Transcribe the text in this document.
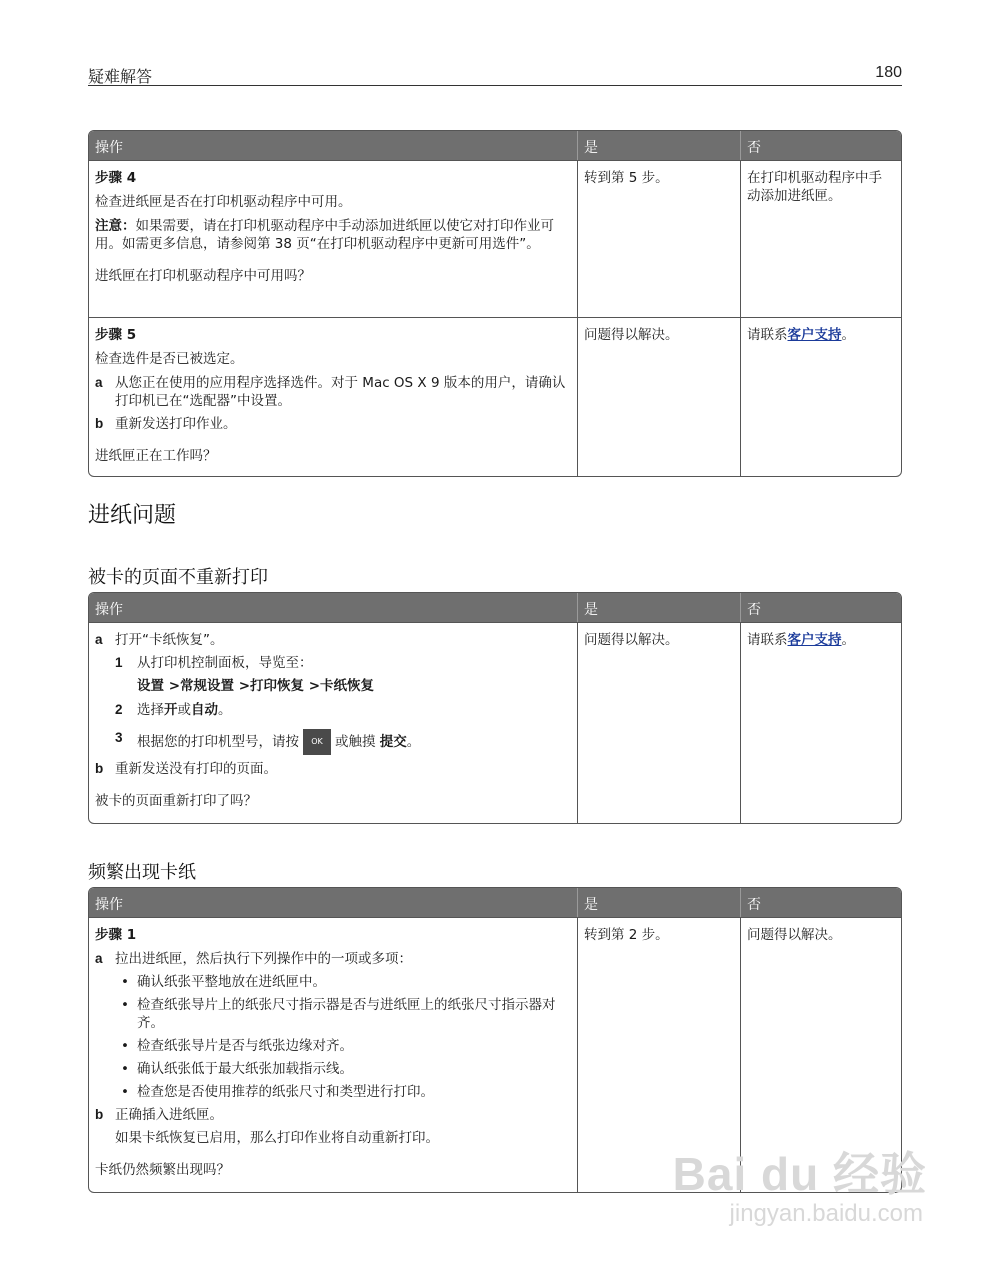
疑难解答	180
操作	是	否

步骤 4

检查进纸匣是否在打印机驱动程序中可用。

注意：如果需要，请在打印机驱动程序中手动添加进纸匣以使它对打印作业可用。如需更多信息，请参阅第 38 页“在打印机驱动程序中更新可用选件”。

进纸匣在打印机驱动程序中可用吗？

转到第 5 步。	在打印机驱动程序中手动添加进纸匣。

步骤 5

检查选件是否已被选定。

a 从您正在使用的应用程序选择选件。对于 Mac OS X 9 版本的用户，请确认打印机已在“选配器”中设置。
b 重新发送打印作业。

进纸匣正在工作吗？

问题得以解决。	请联系客户支持。
进纸问题
被卡的页面不重新打印
操作	是	否
a 打开“卡纸恢复”。
1	从打印机控制面板，导览至：

设置 >常规设置 >打印恢复 >卡纸恢复

2	选择开或自动。
3	根据您的打印机型号，请按 OK 或触摸 提交。
b 重新发送没有打印的页面。

被卡的页面重新打印了吗？

问题得以解决。	请联系客户支持。
频繁出现卡纸
操作	是	否

步骤 1

a 拉出进纸匣，然后执行下列操作中的一项或多项：
• 确认纸张平整地放在进纸匣中。
• 检查纸张导片上的纸张尺寸指示器是否与进纸匣上的纸张尺寸指示器对齐。
• 检查纸张导片是否与纸张边缘对齐。
• 确认纸张低于最大纸张加载指示线。
• 检查您是否使用推荐的纸张尺寸和类型进行打印。
b 正确插入进纸匣。

如果卡纸恢复已启用，那么打印作业将自动重新打印。

卡纸仍然频繁出现吗？

转到第 2 步。	问题得以解决。
Bai du 经验
jingyan.baidu.com
